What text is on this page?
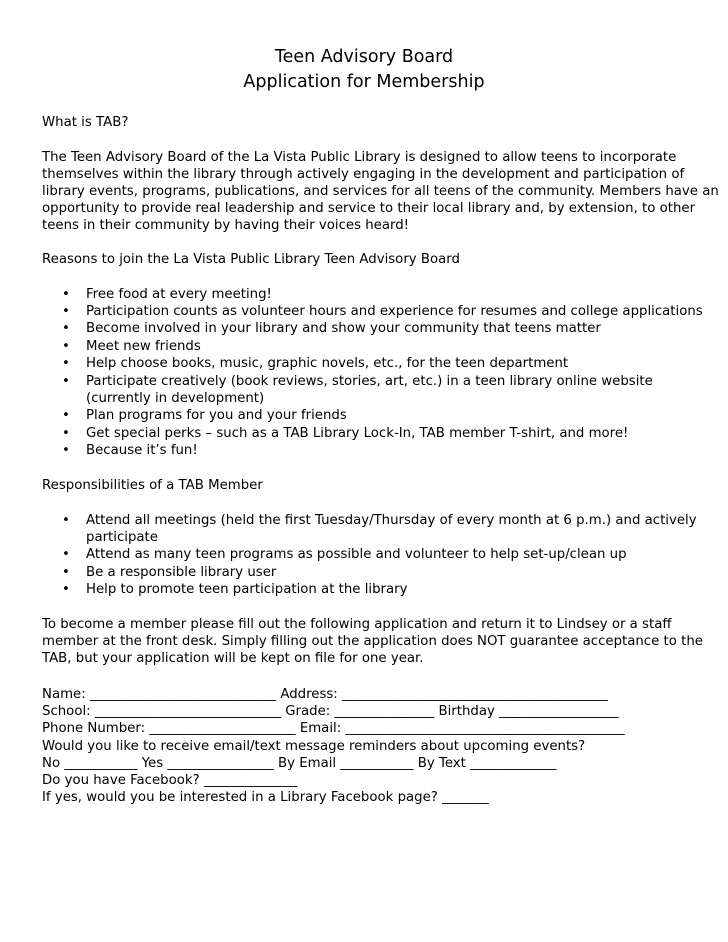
Teen Advisory Board
Application for Membership
What is TAB?
The Teen Advisory Board of the La Vista Public Library is designed to allow teens to incorporate
themselves within the library through actively engaging in the development and participation of
library events, programs, publications, and services for all teens of the community. Members have an
opportunity to provide real leadership and service to their local library and, by extension, to other
teens in their community by having their voices heard!
Reasons to join the La Vista Public Library Teen Advisory Board
• Free food at every meeting!
• Participation counts as volunteer hours and experience for resumes and college applications
• Become involved in your library and show your community that teens matter
• Meet new friends
• Help choose books, music, graphic novels, etc., for the teen department
• Participate creatively (book reviews, stories, art, etc.) in a teen library online website
(currently in development)
• Plan programs for you and your friends
• Get special perks – such as a TAB Library Lock-In, TAB member T-shirt, and more!
• Because it’s fun!
Responsibilities of a TAB Member
• Attend all meetings (held the first Tuesday/Thursday of every month at 6 p.m.) and actively
participate
• Attend as many teen programs as possible and volunteer to help set-up/clean up
• Be a responsible library user
• Help to promote teen participation at the library
To become a member please fill out the following application and return it to Lindsey or a staff
member at the front desk. Simply filling out the application does NOT guarantee acceptance to the
TAB, but your application will be kept on file for one year.
Name: ____________________________ Address: ________________________________________
School: ____________________________ Grade: _______________ Birthday __________________
Phone Number: ______________________ Email: __________________________________________
Would you like to receive email/text message reminders about upcoming events?
No ___________ Yes ________________ By Email ___________ By Text _____________
Do you have Facebook? ______________
If yes, would you be interested in a Library Facebook page? _______
